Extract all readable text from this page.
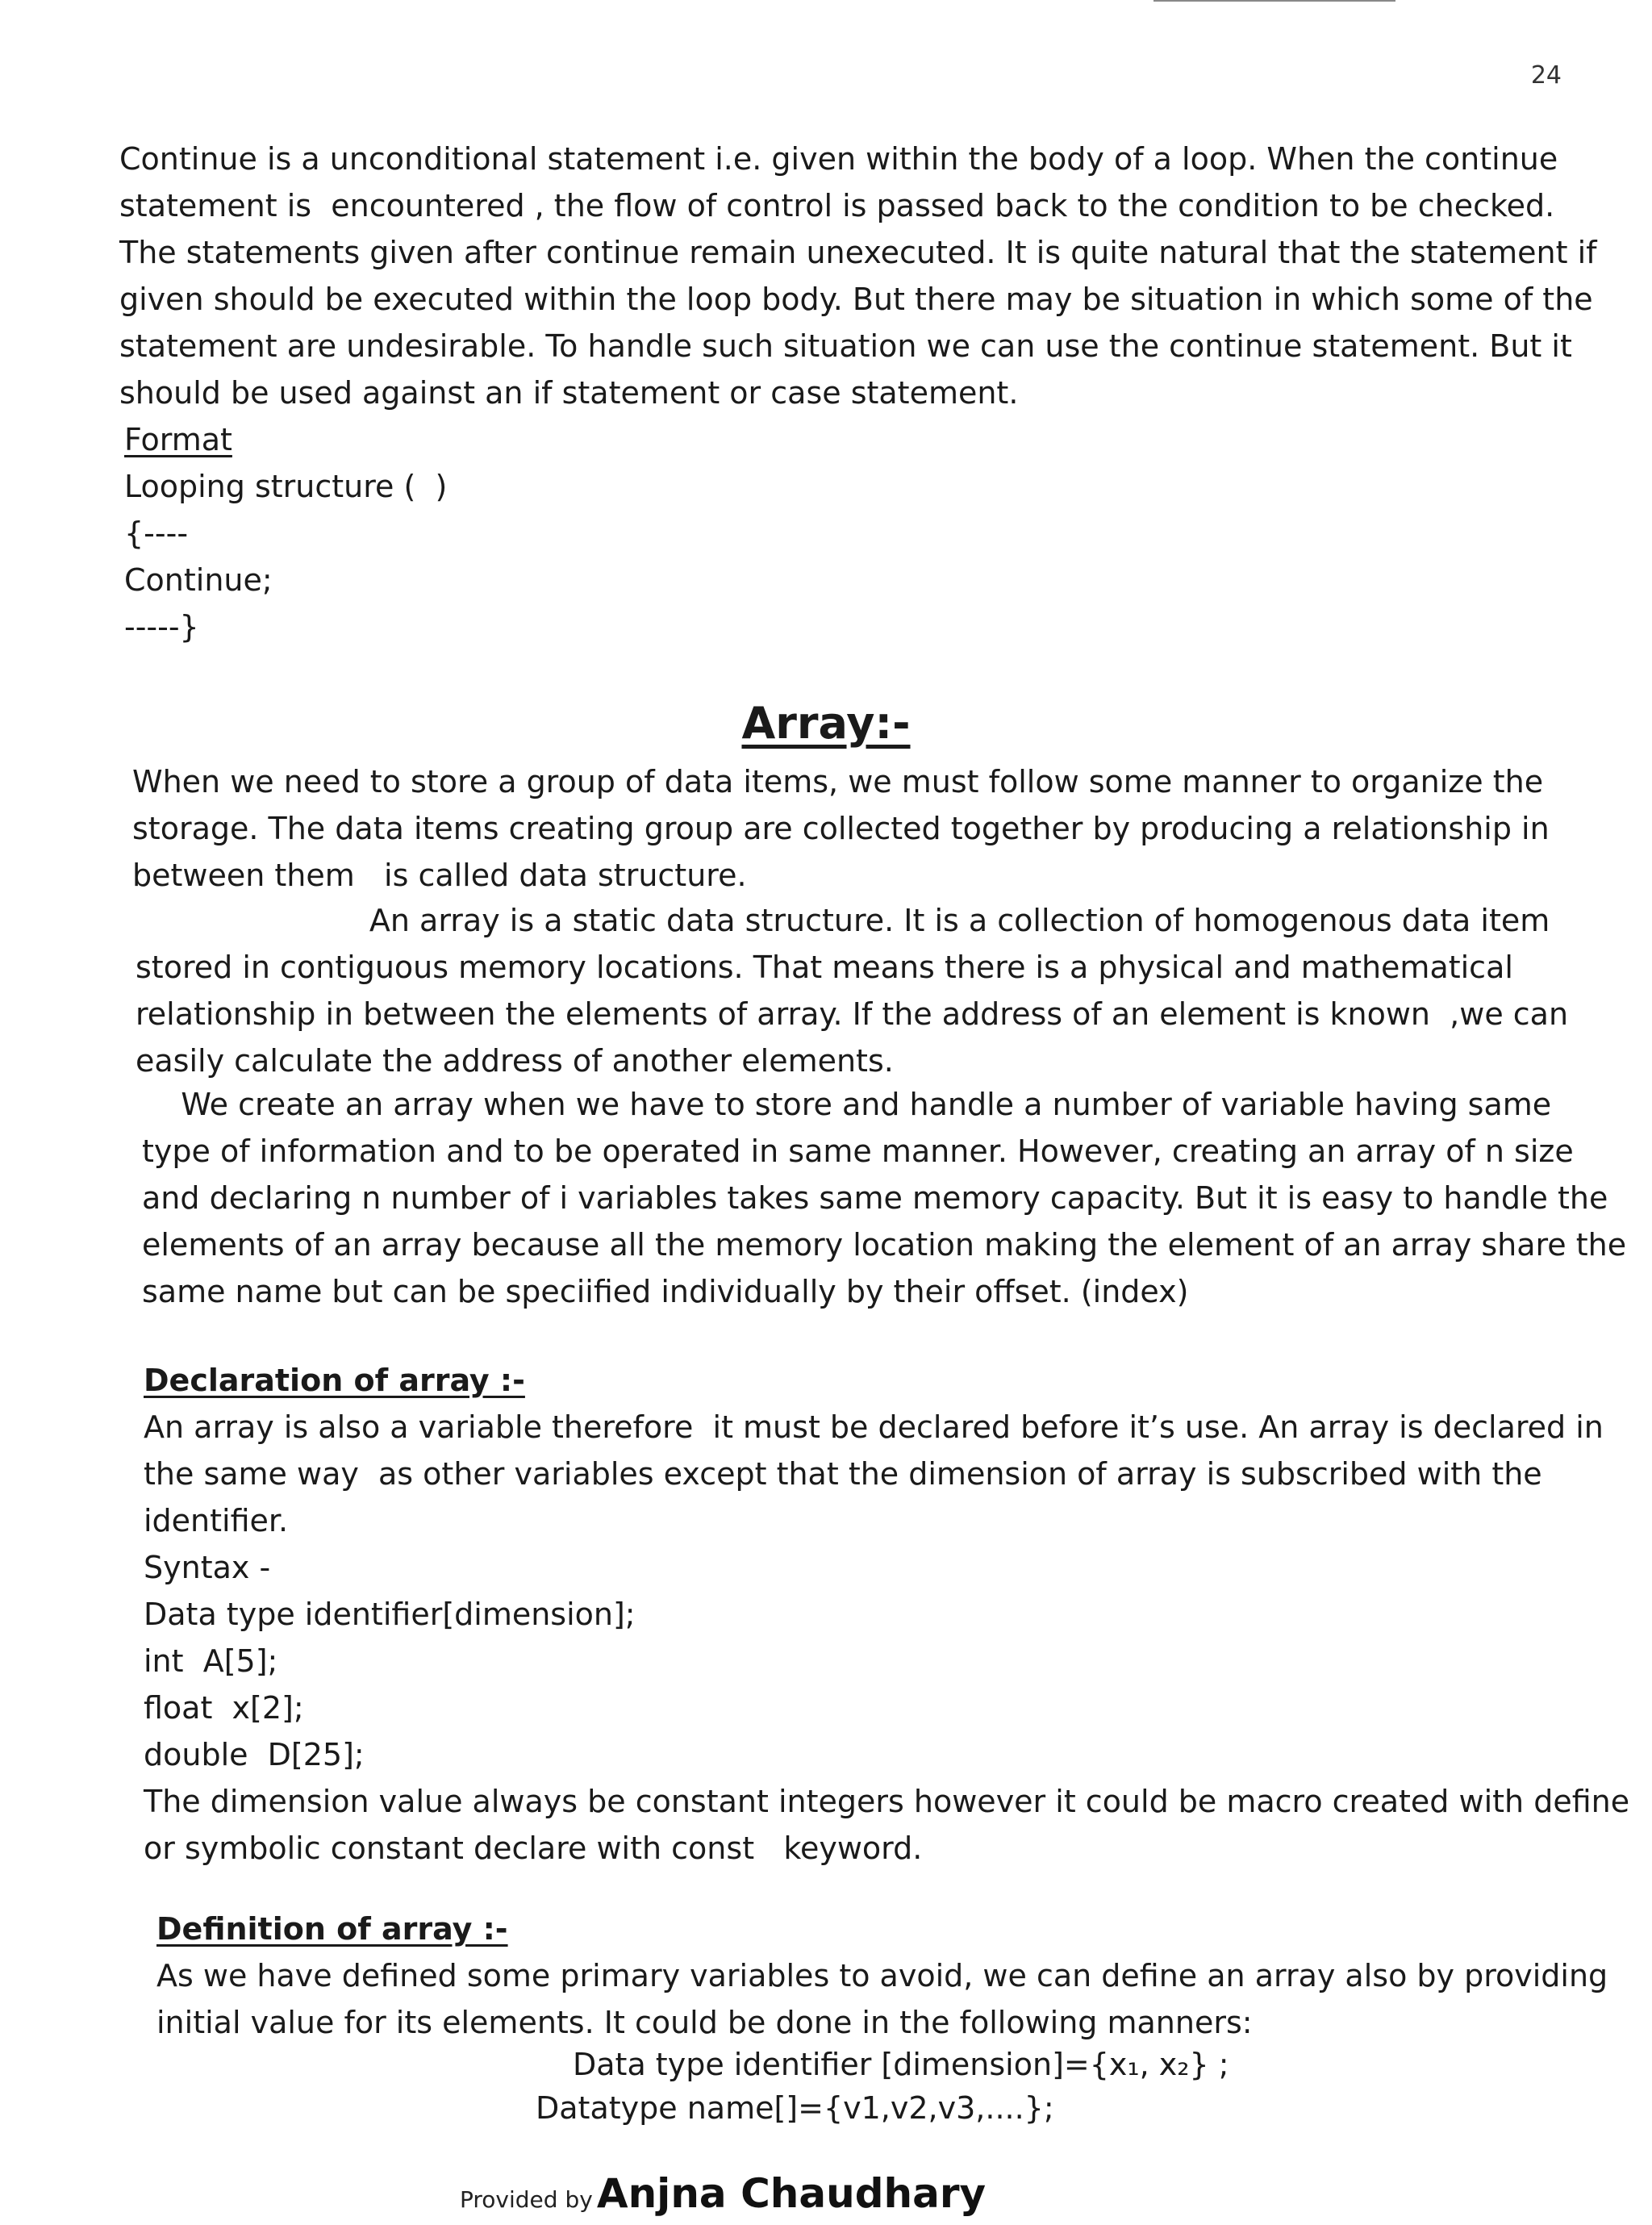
24
Continue is a unconditional statement i.e. given within the body of a loop. When the continue
statement is  encountered , the flow of control is passed back to the condition to be checked.
The statements given after continue remain unexecuted. It is quite natural that the statement if
given should be executed within the loop body. But there may be situation in which some of the
statement are undesirable. To handle such situation we can use the continue statement. But it
should be used against an if statement or case statement.
Format
Looping structure (  )
{----
Continue;
-----}
Array:-
When we need to store a group of data items, we must follow some manner to organize the
storage. The data items creating group are collected together by producing a relationship in
between them   is called data structure.
An array is a static data structure. It is a collection of homogenous data item
stored in contiguous memory locations. That means there is a physical and mathematical
relationship in between the elements of array. If the address of an element is known  ,we can
easily calculate the address of another elements.
We create an array when we have to store and handle a number of variable having same
type of information and to be operated in same manner. However, creating an array of n size
and declaring n number of i variables takes same memory capacity. But it is easy to handle the
elements of an array because all the memory location making the element of an array share the
same name but can be speciified individually by their offset. (index)
Declaration of array :-
An array is also a variable therefore  it must be declared before it’s use. An array is declared in
the same way  as other variables except that the dimension of array is subscribed with the
identifier.
Syntax -
Data type identifier[dimension];
int  A[5];
float  x[2];
double  D[25];
The dimension value always be constant integers however it could be macro created with define
or symbolic constant declare with const   keyword.
Definition of array :-
As we have defined some primary variables to avoid, we can define an array also by providing
initial value for its elements. It could be done in the following manners:
Data type identifier [dimension]={x₁, x₂} ;
Datatype name[]={v1,v2,v3,....};
Provided by Anjna Chaudhary
